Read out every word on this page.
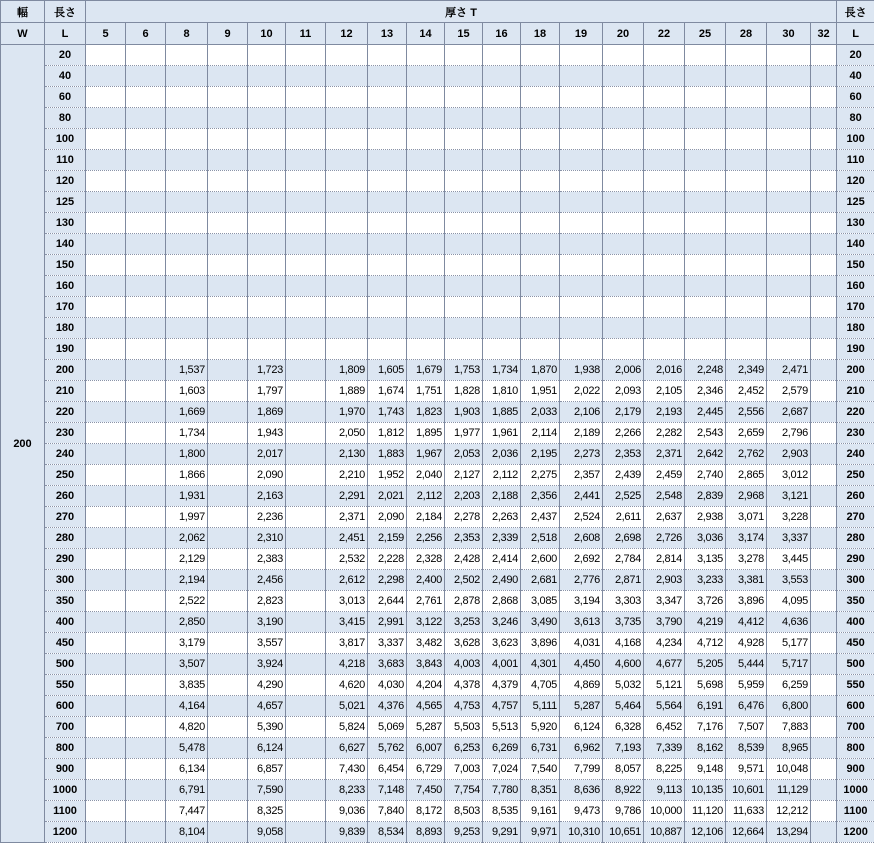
幅	長さ	厚さ T																			長さ
W	L	5	6	8	9	10	11	12	13	14	15	16	18	19	20	22	25	28	30	32	L
200	20																				20
	40																				40
	60																				60
	80																				80
	100																				100
	110																				110
	120																				120
	125																				125
	130																				130
	140																				140
	150																				150
	160																				160
	170																				170
	180																				180
	190																				190
	200			1,537		1,723		1,809	1,605	1,679	1,753	1,734	1,870	1,938	2,006	2,016	2,248	2,349	2,471		200
	210			1,603		1,797		1,889	1,674	1,751	1,828	1,810	1,951	2,022	2,093	2,105	2,346	2,452	2,579		210
	220			1,669		1,869		1,970	1,743	1,823	1,903	1,885	2,033	2,106	2,179	2,193	2,445	2,556	2,687		220
	230			1,734		1,943		2,050	1,812	1,895	1,977	1,961	2,114	2,189	2,266	2,282	2,543	2,659	2,796		230
	240			1,800		2,017		2,130	1,883	1,967	2,053	2,036	2,195	2,273	2,353	2,371	2,642	2,762	2,903		240
	250			1,866		2,090		2,210	1,952	2,040	2,127	2,112	2,275	2,357	2,439	2,459	2,740	2,865	3,012		250
	260			1,931		2,163		2,291	2,021	2,112	2,203	2,188	2,356	2,441	2,525	2,548	2,839	2,968	3,121		260
	270			1,997		2,236		2,371	2,090	2,184	2,278	2,263	2,437	2,524	2,611	2,637	2,938	3,071	3,228		270
	280			2,062		2,310		2,451	2,159	2,256	2,353	2,339	2,518	2,608	2,698	2,726	3,036	3,174	3,337		280
	290			2,129		2,383		2,532	2,228	2,328	2,428	2,414	2,600	2,692	2,784	2,814	3,135	3,278	3,445		290
	300			2,194		2,456		2,612	2,298	2,400	2,502	2,490	2,681	2,776	2,871	2,903	3,233	3,381	3,553		300
	350			2,522		2,823		3,013	2,644	2,761	2,878	2,868	3,085	3,194	3,303	3,347	3,726	3,896	4,095		350
	400			2,850		3,190		3,415	2,991	3,122	3,253	3,246	3,490	3,613	3,735	3,790	4,219	4,412	4,636		400
	450			3,179		3,557		3,817	3,337	3,482	3,628	3,623	3,896	4,031	4,168	4,234	4,712	4,928	5,177		450
	500			3,507		3,924		4,218	3,683	3,843	4,003	4,001	4,301	4,450	4,600	4,677	5,205	5,444	5,717		500
	550			3,835		4,290		4,620	4,030	4,204	4,378	4,379	4,705	4,869	5,032	5,121	5,698	5,959	6,259		550
	600			4,164		4,657		5,021	4,376	4,565	4,753	4,757	5,111	5,287	5,464	5,564	6,191	6,476	6,800		600
	700			4,820		5,390		5,824	5,069	5,287	5,503	5,513	5,920	6,124	6,328	6,452	7,176	7,507	7,883		700
	800			5,478		6,124		6,627	5,762	6,007	6,253	6,269	6,731	6,962	7,193	7,339	8,162	8,539	8,965		800
	900			6,134		6,857		7,430	6,454	6,729	7,003	7,024	7,540	7,799	8,057	8,225	9,148	9,571	10,048		900
	1000			6,791		7,590		8,233	7,148	7,450	7,754	7,780	8,351	8,636	8,922	9,113	10,135	10,601	11,129		1000
	1100			7,447		8,325		9,036	7,840	8,172	8,503	8,535	9,161	9,473	9,786	10,000	11,120	11,633	12,212		1100
	1200			8,104		9,058		9,839	8,534	8,893	9,253	9,291	9,971	10,310	10,651	10,887	12,106	12,664	13,294		1200
